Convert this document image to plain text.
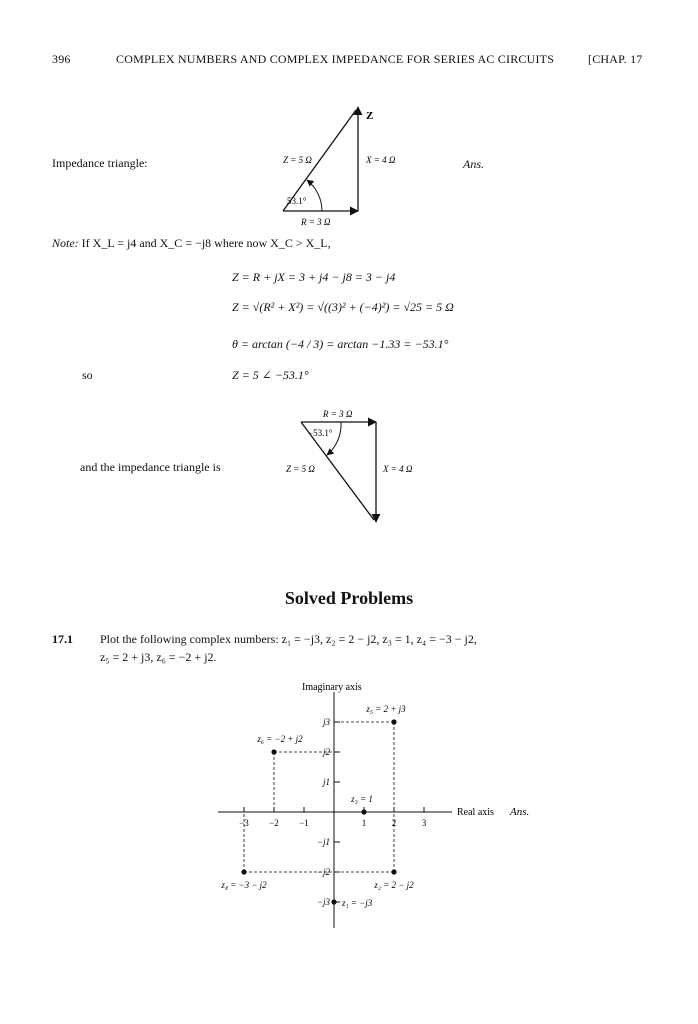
396	COMPLEX NUMBERS AND COMPLEX IMPEDANCE FOR SERIES AC CIRCUITS	[CHAP. 17
Impedance triangle:	Ans.
Z
Z = 5 Ω	X = 4 Ω
53.1°
R = 3 Ω
Note: If X_L = j4 and X_C = −j8 where now X_C > X_L,
Z = R + jX = 3 + j4 − j8 = 3 − j4
Z = √(R² + X²) = √((3)² + (−4)²) = √25 = 5 Ω
θ = arctan (−4 / 3) = arctan −1.33 = −53.1°
so	Z = 5 ∠ −53.1°
and the impedance triangle is
R = 3 Ω
−53.1°
Z = 5 Ω	X = 4 Ω
Solved Problems
17.1 Plot the following complex numbers: z₁ = −j3, z₂ = 2 − j2, z₃ = 1, z₄ = −3 − j2,
z₅ = 2 + j3, z₆ = −2 + j2.
Imaginary axis
Real axis Ans.
−3 −2 −1	1	2	3
j3
j2
j1
−j1
−j2
−j3 z₁ = −j3
z₂ = 2 − j2
z₃ = 1
z₄ = −3 − j2
z₅ = 2 + j3
z₆ = −2 + j2
